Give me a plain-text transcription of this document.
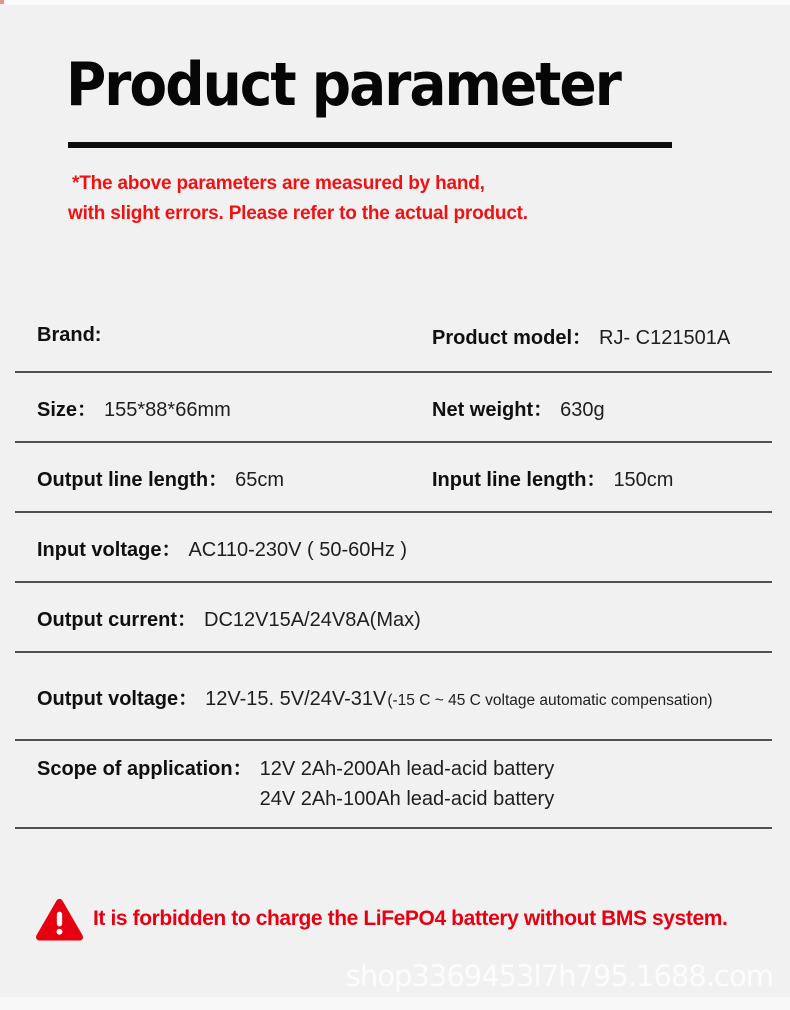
Product parameter
*The above parameters are measured by hand,
with slight errors. Please refer to the actual product.
Brand:	Product model： RJ- C121501A
Size： 155*88*66mm	Net weight： 630g
Output line length： 65cm	Input line length： 150cm
Input voltage： AC110-230V ( 50-60Hz )
Output current： DC12V15A/24V8A(Max)
Output voltage： 12V-15. 5V/24V-31V(-15 C ~ 45 C voltage automatic compensation)
Scope of application： 12V 2Ah-200Ah lead-acid battery
24V 2Ah-100Ah lead-acid battery
It is forbidden to charge the LiFePO4 battery without BMS system.
shop3369453l7h795.1688.com
